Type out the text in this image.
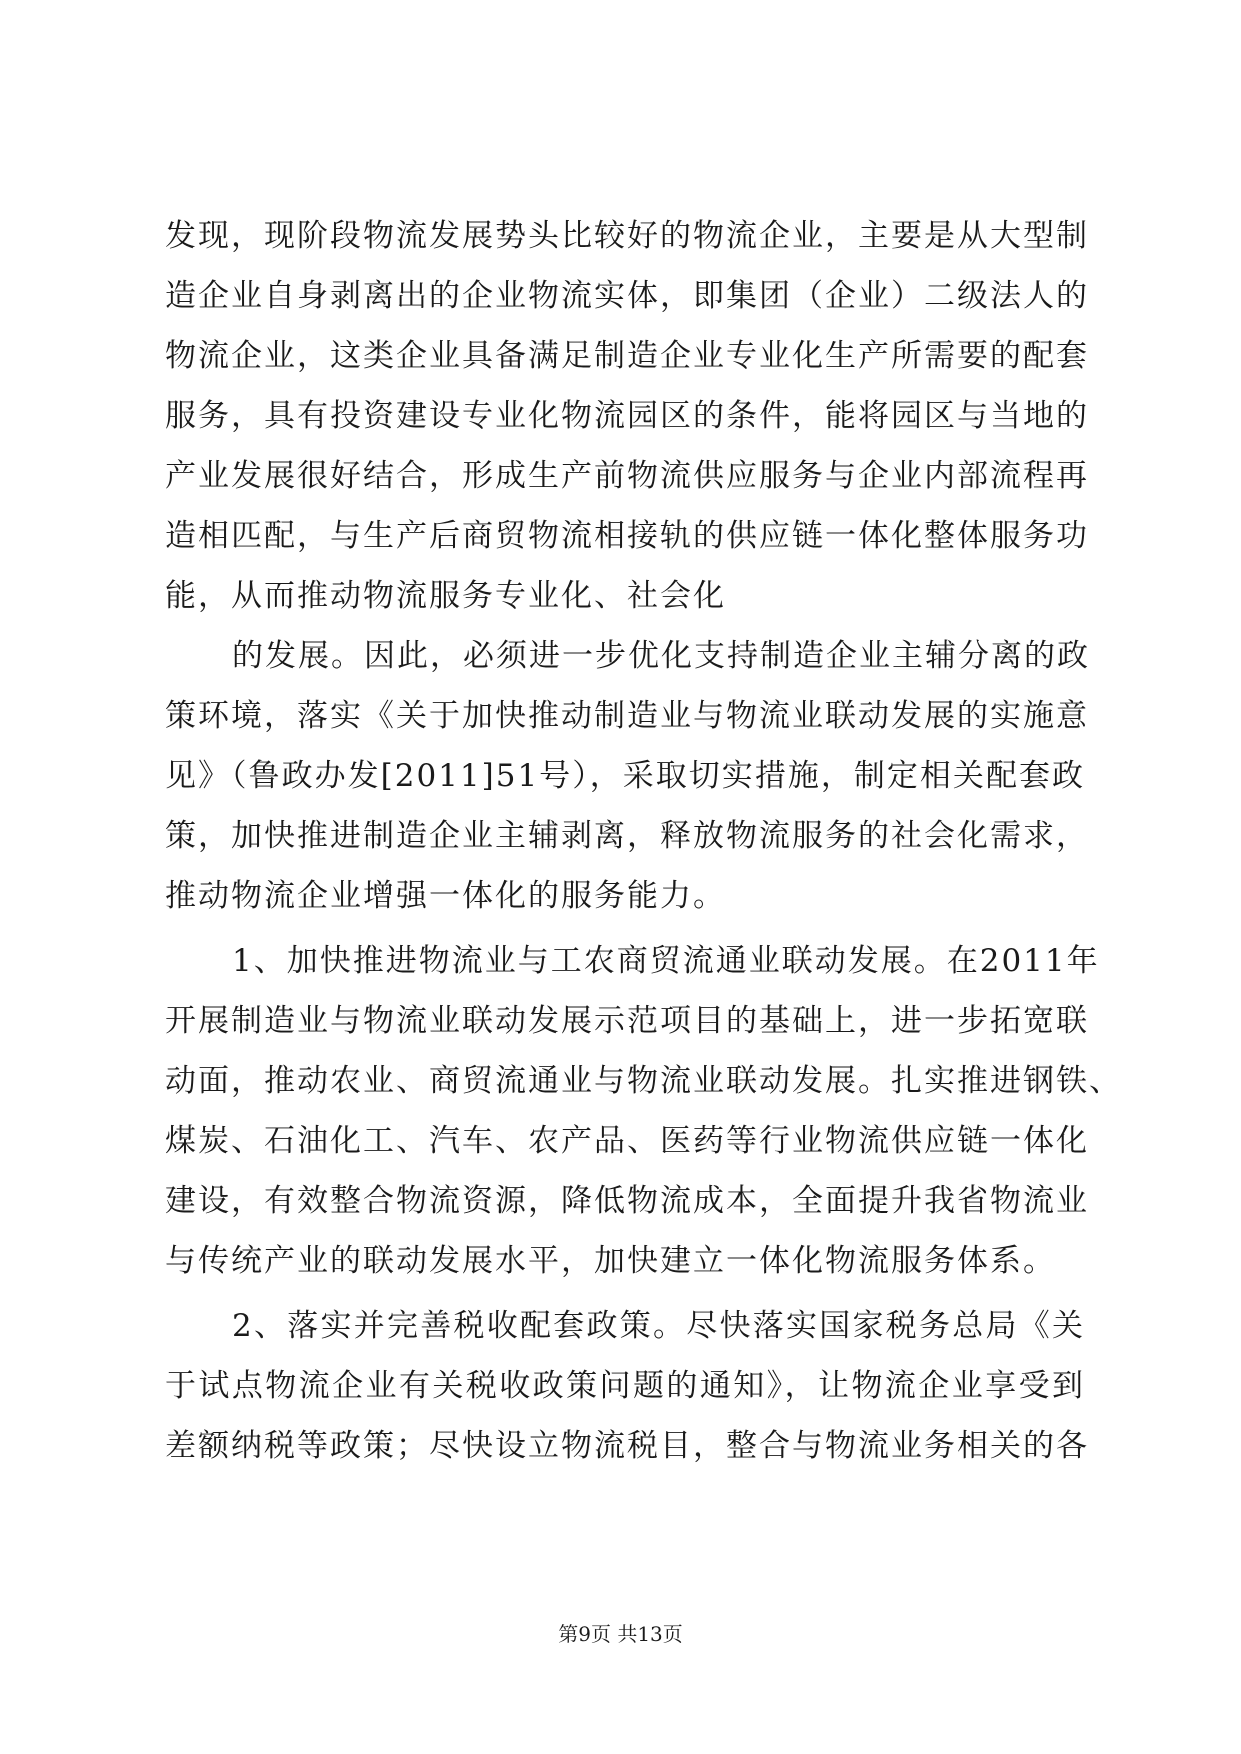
发现，现阶段物流发展势头比较好的物流企业，主要是从大型制
造企业自身剥离出的企业物流实体，即集团（企业）二级法人的
物流企业，这类企业具备满足制造企业专业化生产所需要的配套
服务，具有投资建设专业化物流园区的条件，能将园区与当地的
产业发展很好结合，形成生产前物流供应服务与企业内部流程再
造相匹配，与生产后商贸物流相接轨的供应链一体化整体服务功
能，从而推动物流服务专业化、社会化
的发展。因此，必须进一步优化支持制造企业主辅分离的政
策环境，落实《关于加快推动制造业与物流业联动发展的实施意
见》（鲁政办发[2011]51号），采取切实措施，制定相关配套政
策，加快推进制造企业主辅剥离，释放物流服务的社会化需求，
推动物流企业增强一体化的服务能力。
1、加快推进物流业与工农商贸流通业联动发展。在2011年
开展制造业与物流业联动发展示范项目的基础上，进一步拓宽联
动面，推动农业、商贸流通业与物流业联动发展。扎实推进钢铁、
煤炭、石油化工、汽车、农产品、医药等行业物流供应链一体化
建设，有效整合物流资源，降低物流成本，全面提升我省物流业
与传统产业的联动发展水平，加快建立一体化物流服务体系。
2、落实并完善税收配套政策。尽快落实国家税务总局《关
于试点物流企业有关税收政策问题的通知》，让物流企业享受到
差额纳税等政策；尽快设立物流税目，整合与物流业务相关的各
第9页 共13页
